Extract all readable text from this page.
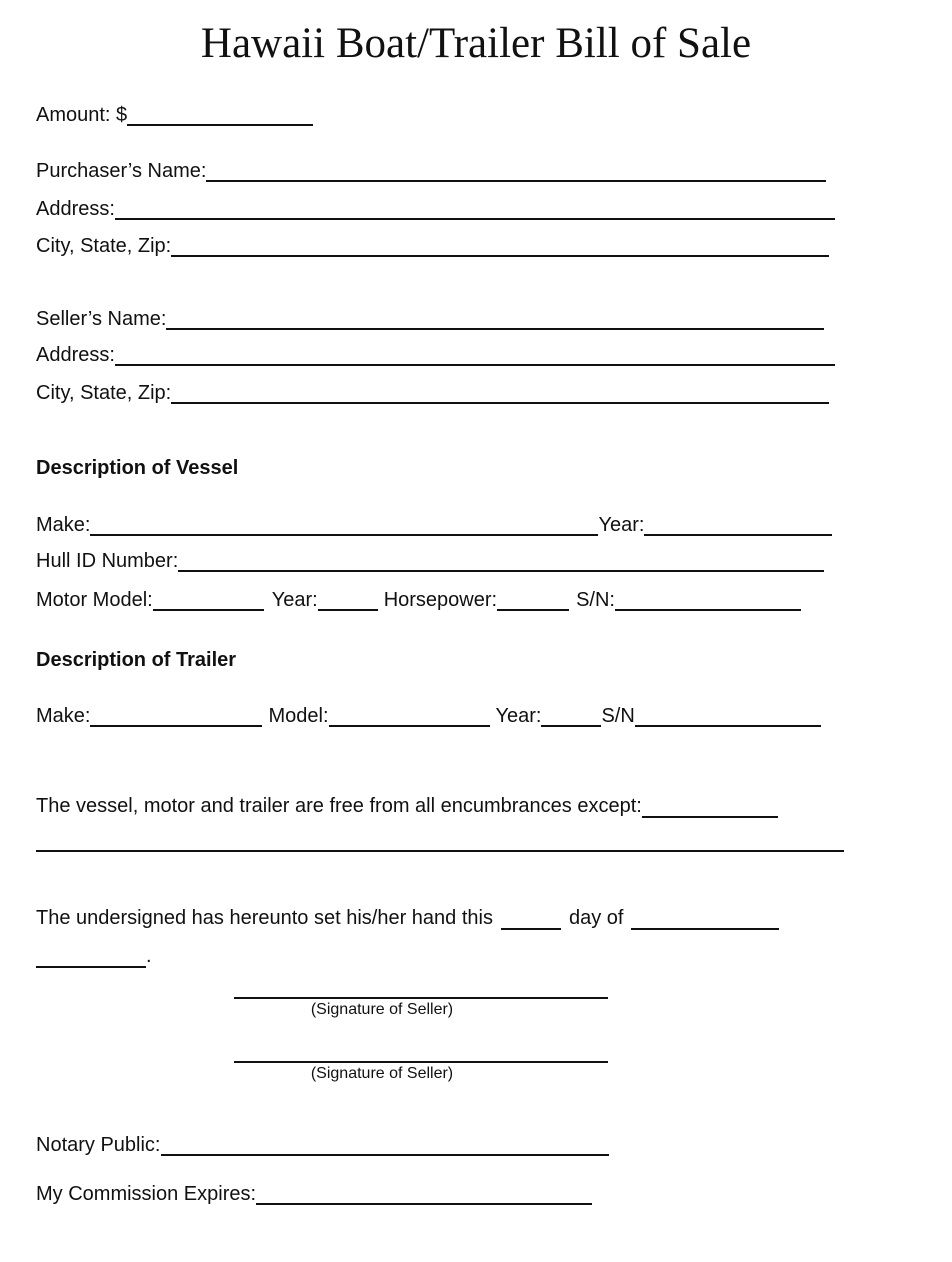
Hawaii Boat/Trailer Bill of Sale
Amount: $
Purchaser’s Name:
Address:
City, State, Zip:
Seller’s Name:
Address:
City, State, Zip:
Description of Vessel
Make:	Year:
Hull ID Number:
Motor Model:	Year:	Horsepower:	S/N:
Description of Trailer
Make:	Model:	Year:	S/N
The vessel, motor and trailer are free from all encumbrances except:
The undersigned has hereunto set his/her hand this	day of
.
(Signature of Seller)
(Signature of Seller)
Notary Public:
My Commission Expires:
